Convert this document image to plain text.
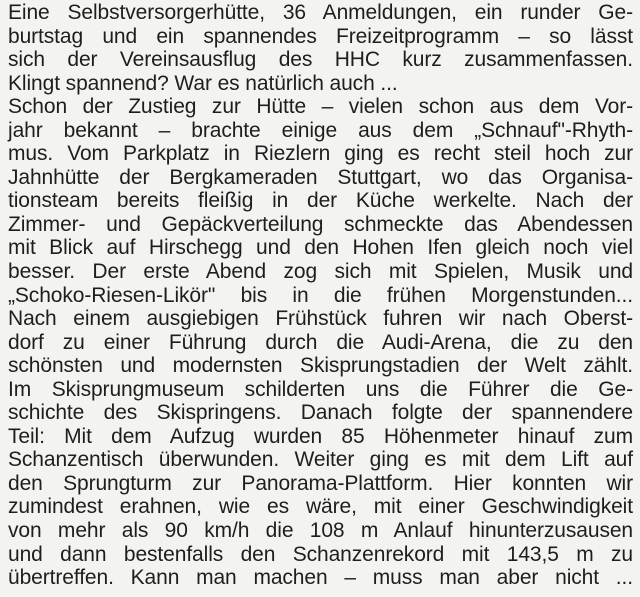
Eine Selbstversorgerhütte, 36 Anmeldungen, ein runder Ge-
burtstag und ein spannendes Freizeitprogramm – so lässt
sich der Vereinsausflug des HHC kurz zusammenfassen.
Klingt spannend? War es natürlich auch ...
Schon der Zustieg zur Hütte – vielen schon aus dem Vor-
jahr bekannt – brachte einige aus dem „Schnauf"-Rhyth-
mus. Vom Parkplatz in Riezlern ging es recht steil hoch zur
Jahnhütte der Bergkameraden Stuttgart, wo das Organisa-
tionsteam bereits fleißig in der Küche werkelte. Nach der
Zimmer- und Gepäckverteilung schmeckte das Abendessen
mit Blick auf Hirschegg und den Hohen Ifen gleich noch viel
besser. Der erste Abend zog sich mit Spielen, Musik und
„Schoko-Riesen-Likör" bis in die frühen Morgenstunden...
Nach einem ausgiebigen Frühstück fuhren wir nach Oberst-
dorf zu einer Führung durch die Audi-Arena, die zu den
schönsten und modernsten Skisprungstadien der Welt zählt.
Im Skisprungmuseum schilderten uns die Führer die Ge-
schichte des Skispringens. Danach folgte der spannendere
Teil: Mit dem Aufzug wurden 85 Höhenmeter hinauf zum
Schanzentisch überwunden. Weiter ging es mit dem Lift auf
den Sprungturm zur Panorama-Plattform. Hier konnten wir
zumindest erahnen, wie es wäre, mit einer Geschwindigkeit
von mehr als 90 km/h die 108 m Anlauf hinunterzusausen
und dann bestenfalls den Schanzenrekord mit 143,5 m zu
übertreffen. Kann man machen – muss man aber nicht ...
